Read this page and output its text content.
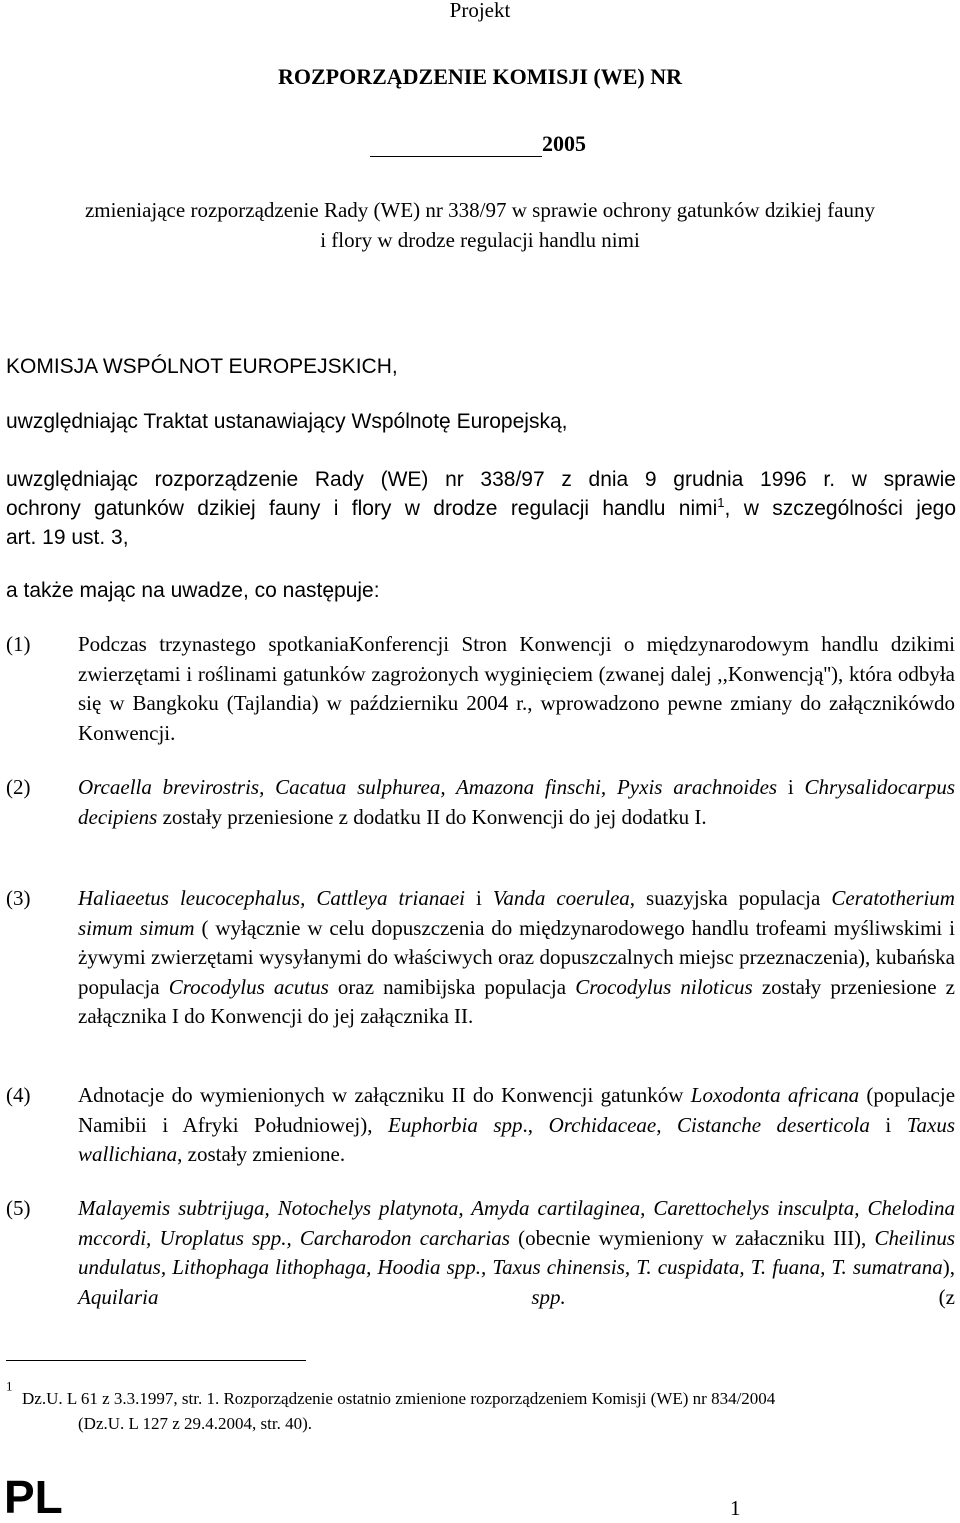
Projekt
ROZPORZĄDZENIE KOMISJI (WE) NR
2005
zmieniające rozporządzenie Rady (WE) nr 338/97 w sprawie ochrony gatunków dzikiej fauny
i flory w drodze regulacji handlu nimi
KOMISJA WSPÓLNOT EUROPEJSKICH,
uwzględniając Traktat ustanawiający Wspólnotę Europejską,
uwzględniając rozporządzenie Rady (WE) nr 338/97 z dnia 9 grudnia 1996 r. w sprawie
ochrony gatunków dzikiej fauny i flory w drodze regulacji handlu nimi$^1$, w szczególności jego
art. 19 ust. 3,
a także mając na uwadze, co następuje:
(1) Podczas trzynastego spotkaniaKonferencji Stron Konwencji o międzynarodowym handlu dzikimi zwierzętami i roślinami gatunków zagrożonych wyginięciem (zwanej dalej ,,Konwencją''), która odbyła się w Bangkoku (Tajlandia) w październiku 2004 r., wprowadzono pewne zmiany do załącznikówdo Konwencji.
(2) Orcaella brevirostris, Cacatua sulphurea, Amazona finschi, Pyxis arachnoides i Chrysalidocarpus decipiens zostały przeniesione z dodatku II do Konwencji do jej dodatku I.
(3) Haliaeetus leucocephalus, Cattleya trianaei i Vanda coerulea, suazyjska populacja Ceratotherium simum simum ( wyłącznie w celu dopuszczenia do międzynarodowego handlu trofeami myśliwskimi i żywymi zwierzętami wysyłanymi do właściwych oraz dopuszczalnych miejsc przeznaczenia), kubańska populacja Crocodylus acutus oraz namibijska populacja Crocodylus niloticus zostały przeniesione z załącznika I do Konwencji do jej załącznika II.
(4) Adnotacje do wymienionych w załączniku II do Konwencji gatunków Loxodonta africana (populacje Namibii i Afryki Południowej), Euphorbia spp., Orchidaceae, Cistanche deserticola i Taxus wallichiana, zostały zmienione.
(5) Malayemis subtrijuga, Notochelys platynota, Amyda cartilaginea, Carettochelys insculpta, Chelodina mccordi, Uroplatus spp., Carcharodon carcharias (obecnie wymieniony w załaczniku III), Cheilinus undulatus, Lithophaga lithophaga, Hoodia spp., Taxus chinensis, T. cuspidata, T. fuana, T. sumatrana), Aquilaria spp. (z
$^1$
Dz.U. L 61 z 3.3.1997, str. 1. Rozporządzenie ostatnio zmienione rozporządzeniem Komisji (WE) nr 834/2004
(Dz.U. L 127 z 29.4.2004, str. 40).
PL	1
